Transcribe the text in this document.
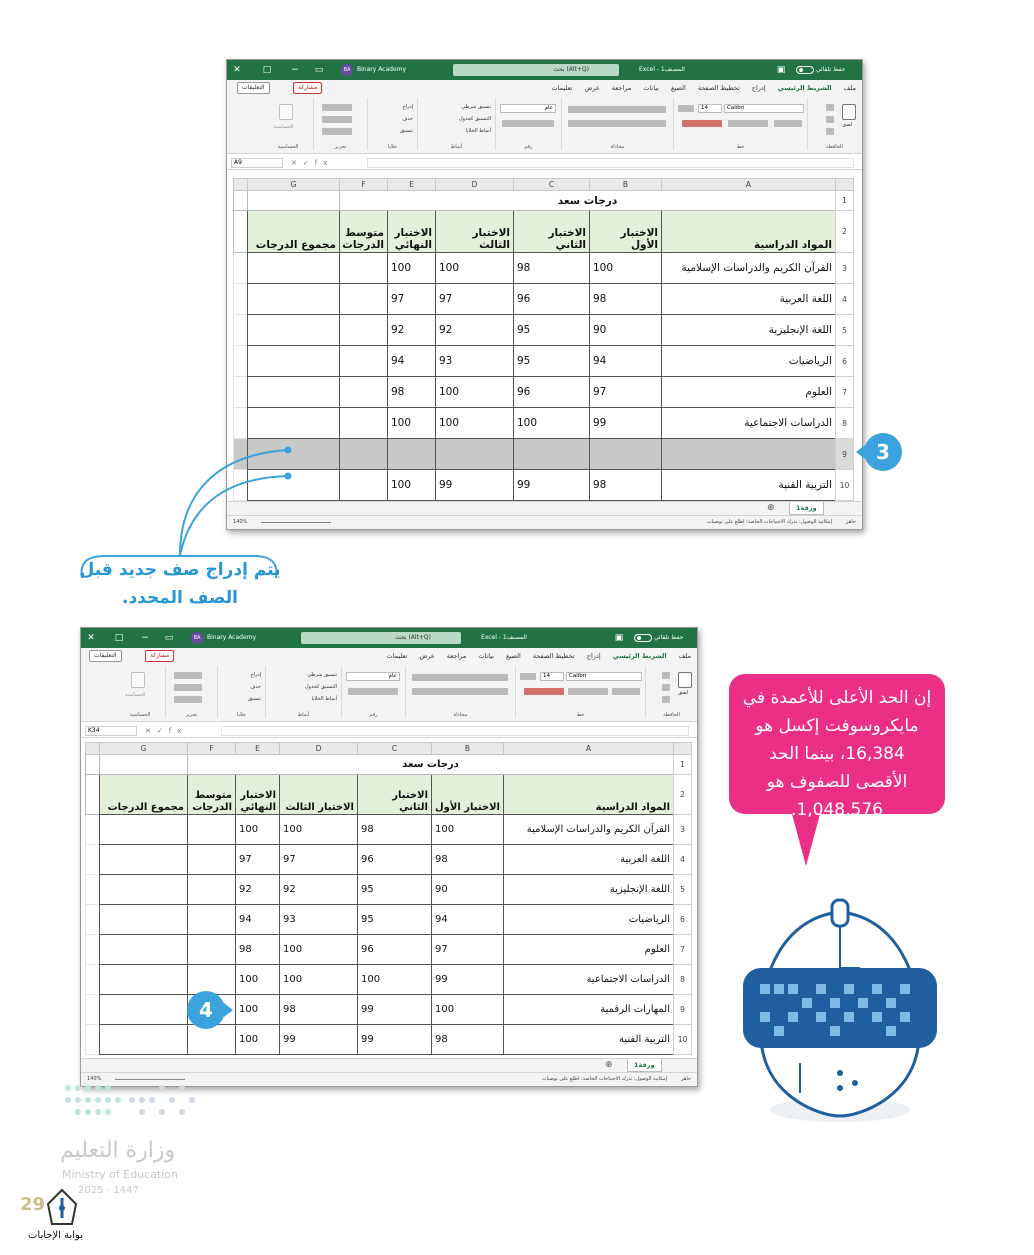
✕ □ − ▭	BA	Binary Academy	بحث (Alt+Q)	Excel - المصنف1	▣	حفظ تلقائي
ملفالشريط الرئيسيإدراجتخطيط الصفحةالصيغبياناتمراجعةعرضتعليمات
مشاركة
التعليقات
لصق
الحافظة
Calibri
14
خط
محاذاة
عام
رقم
تنسيق شرطي
التنسيق كجدول
أنماط الخلايا
أنماط
إدراج
حذف
تنسيق
خلايا
تحرير
الحساسية
الحساسية
A9	✕✓fx
	A	B	C	D	E	F	G	
1	درجات سعد							
2	المواد الدراسية	الاختبار الأول	الاختبار الثاني	الاختبار الثالث	الاختبار النهائي	متوسط الدرجات	مجموع الدرجات	
3	القرآن الكريم والدراسات الإسلامية	100	98	100	100			
4	اللغة العربية	98	96	97	97			
5	اللغة الإنجليزية	90	95	92	92			
6	الرياضيات	94	95	93	94			
7	العلوم	97	96	100	98			
8	الدراسات الاجتماعية	99	100	100	100			
9								
10	التربية الفنية	98	99	99	100			
ورقة1
⊕
جاهز
إمكانية الوصول: تدرك الاحتياجات الخاصة: اطلع على توصيات
140%
✕ □ − ▭	BA	Binary Academy	بحث (Alt+Q)	Excel - المصنف1	▣	حفظ تلقائي
ملفالشريط الرئيسيإدراجتخطيط الصفحةالصيغبياناتمراجعةعرضتعليمات
مشاركة
التعليقات
لصق
الحافظة
Calibri
14
خط
محاذاة
عام
رقم
تنسيق شرطي
التنسيق كجدول
أنماط الخلايا
أنماط
إدراج
حذف
تنسيق
خلايا
تحرير
الحساسية
الحساسية
K34	✕✓fx
	A	B	C	D	E	F	G	
1	درجات سعد							
2	المواد الدراسية	الاختبار الأول	الاختبار الثاني	الاختبار الثالث	الاختبار النهائي	متوسط الدرجات	مجموع الدرجات	
3	القرآن الكريم والدراسات الإسلامية	100	98	100	100			
4	اللغة العربية	98	96	97	97			
5	اللغة الإنجليزية	90	95	92	92			
6	الرياضيات	94	95	93	94			
7	العلوم	97	96	100	98			
8	الدراسات الاجتماعية	99	100	100	100			
9	المهارات الرقمية	100	99	98	100			
10	التربية الفنية	98	99	99	100			
ورقة1
⊕
جاهز
إمكانية الوصول: تدرك الاحتياجات الخاصة: اطلع على توصيات
140%
3
4
يتم إدراج صف جديد قبل الصف المحدد.
إن الحد الأعلى للأعمدة في مايكروسوفت إكسل هو 16,384، بينما الحد الأقصى للصفوف هو 1,048,576.
وزارة التعليم
Ministry of Education
2025 - 1447
29
بوابة الإجابات
